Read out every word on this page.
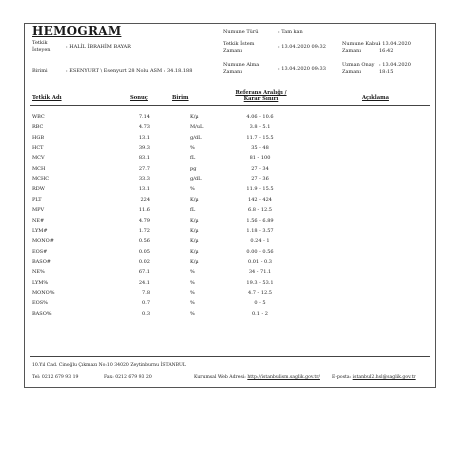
HEMOGRAM
Tetkik
İsteyen	: HALİL İBRAHİM BAYAR
Birimi	: ESENYURT \ Esenyurt 28 Nolu ASM : 34.18.188
Numune Türü	: Tam kan
Tetkik İstem
Zamanı
: 13.04.2020 09:32	Numune Kabul
Zamanı
: 13.04.2020
16:42
Numune Alma
Zamanı	: 13.04.2020 09:33
Uzman Onay
Zamanı
: 13.04.2020
18:15
Tetkik Adı	Sonuç	Birim
Referans Aralığı /
Karar Sınırı	Açıklama
WBC	7.14	K/µ	4.06 - 10.6
RBC	4.73	M/uL	3.8 - 5.1
HGB	13.1	g/dL	11.7 - 15.5
HCT	39.3	%	35 - 48
MCV	83.1	fL	81 - 100
MCH	27.7	pg	27 - 34
MCHC	33.3	g/dL	27 - 36
RDW	13.1	%	11.9 - 15.5
PLT	224	K/µ	142 - 424
MPV	11.6	fL	6.8 - 12.5
NE#	4.79	K/µ	1.56 - 6.89
LYM#	1.72	K/µ	1.18 - 3.57
MONO#	0.56	K/µ	0.24 - 1
EOS#	0.05	K/µ	0.00 - 0.56
BASO#	0.02	K/µ	0.01 - 0.3
NE%	67.1	%	34 - 71.1
LYM%	24.1	%	19.3 - 53.1
MONO%	7.8	%	4.7 - 12.5
EOS%	0.7	%	0 - 5
BASO%	0.3	%	0.1 - 2
10.Yıl Cad. Cinoğlu Çıkmazı No:10 34020 Zeytinburnu İSTANBUL
Tel: 0212 679 93 19	Fax: 0212 679 93 20	Kurumsal Web Adresi: http://istanbulism.saglik.gov.tr/	E-posta: istanbul2.hsl@saglik.gov.tr
